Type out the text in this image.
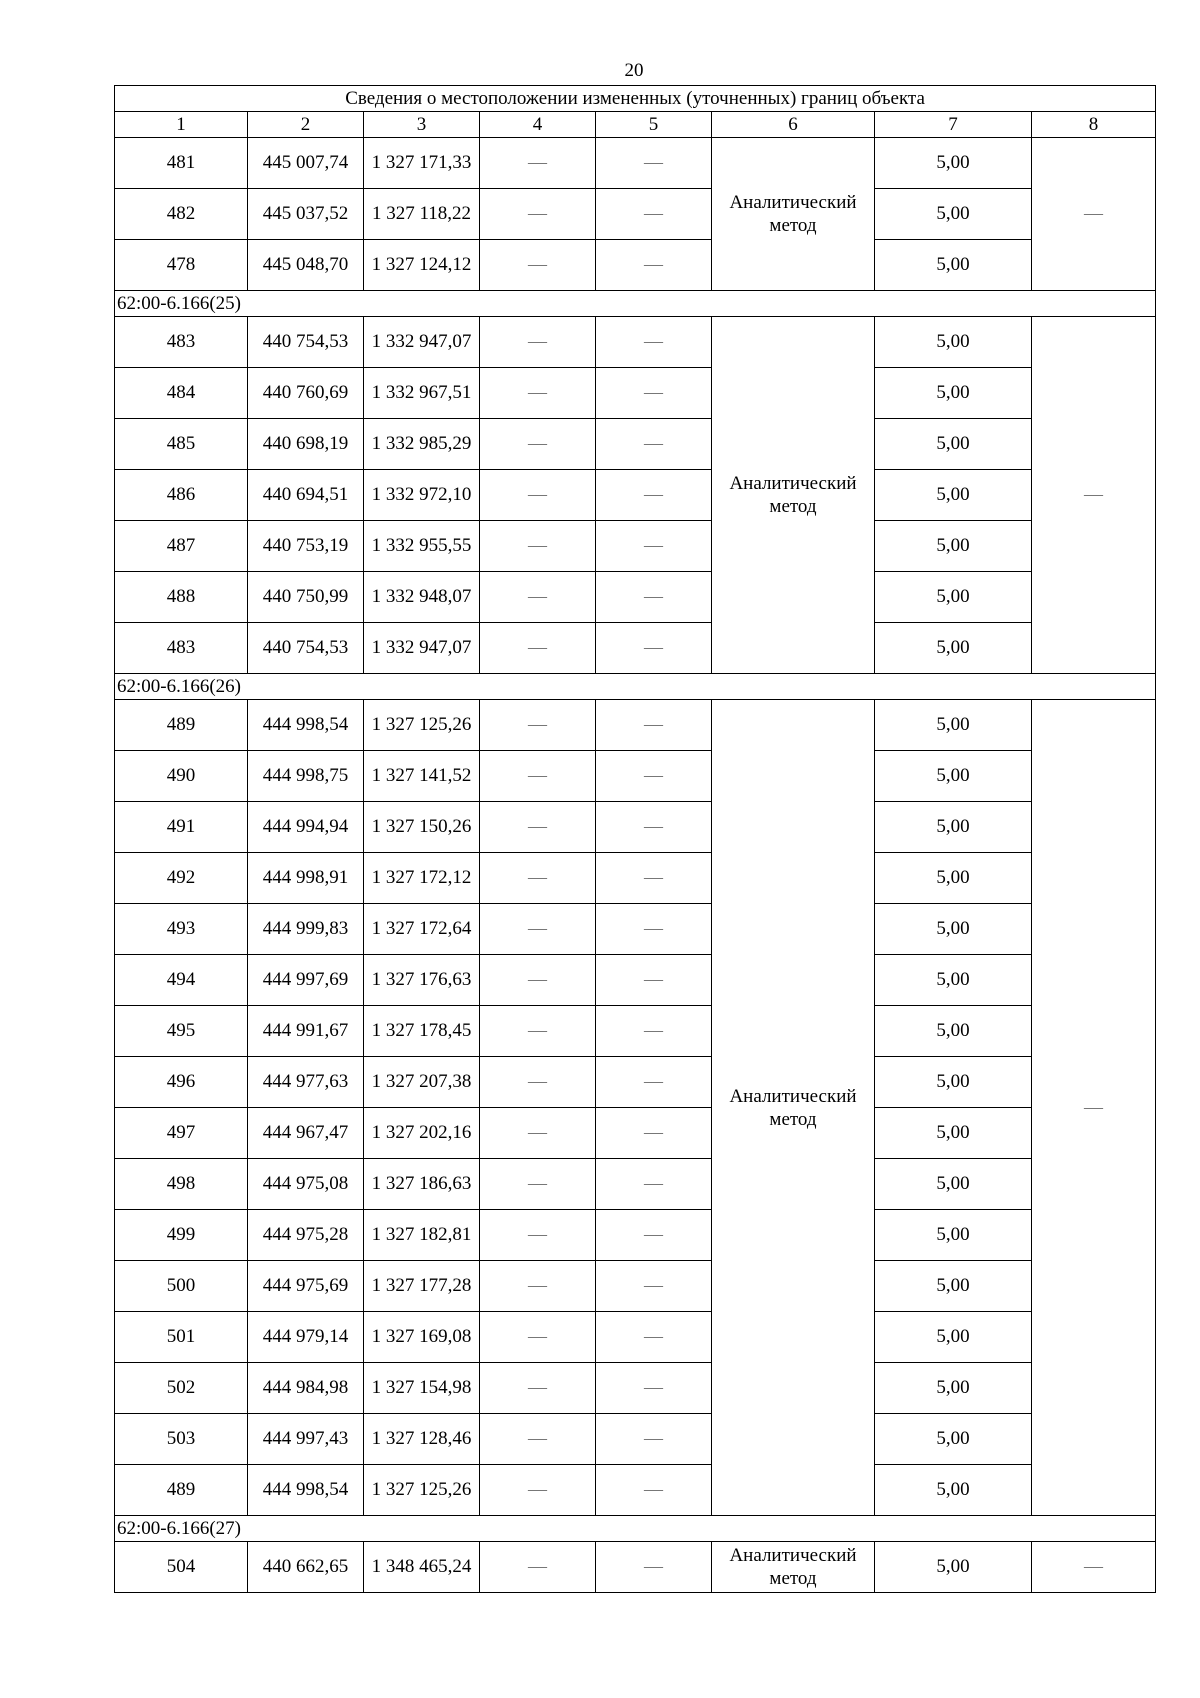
20
Сведения о местоположении измененных (уточненных) границ объекта							
1	2	3	4	5	6	7	8
481	445 007,74	1 327 171,33	—	—	Аналитический метод	5,00	—
482	445 037,52	1 327 118,22	—	—		5,00	
478	445 048,70	1 327 124,12	—	—		5,00	
62:00-6.166(25)							
483	440 754,53	1 332 947,07	—	—	Аналитический метод	5,00	—
484	440 760,69	1 332 967,51	—	—		5,00	
485	440 698,19	1 332 985,29	—	—		5,00	
486	440 694,51	1 332 972,10	—	—		5,00	
487	440 753,19	1 332 955,55	—	—		5,00	
488	440 750,99	1 332 948,07	—	—		5,00	
483	440 754,53	1 332 947,07	—	—		5,00	
62:00-6.166(26)							
489	444 998,54	1 327 125,26	—	—	Аналитический метод	5,00	—
490	444 998,75	1 327 141,52	—	—		5,00	
491	444 994,94	1 327 150,26	—	—		5,00	
492	444 998,91	1 327 172,12	—	—		5,00	
493	444 999,83	1 327 172,64	—	—		5,00	
494	444 997,69	1 327 176,63	—	—		5,00	
495	444 991,67	1 327 178,45	—	—		5,00	
496	444 977,63	1 327 207,38	—	—		5,00	
497	444 967,47	1 327 202,16	—	—		5,00	
498	444 975,08	1 327 186,63	—	—		5,00	
499	444 975,28	1 327 182,81	—	—		5,00	
500	444 975,69	1 327 177,28	—	—		5,00	
501	444 979,14	1 327 169,08	—	—		5,00	
502	444 984,98	1 327 154,98	—	—		5,00	
503	444 997,43	1 327 128,46	—	—		5,00	
489	444 998,54	1 327 125,26	—	—		5,00	
62:00-6.166(27)							
504	440 662,65	1 348 465,24	—	—	Аналитический метод	5,00	—
